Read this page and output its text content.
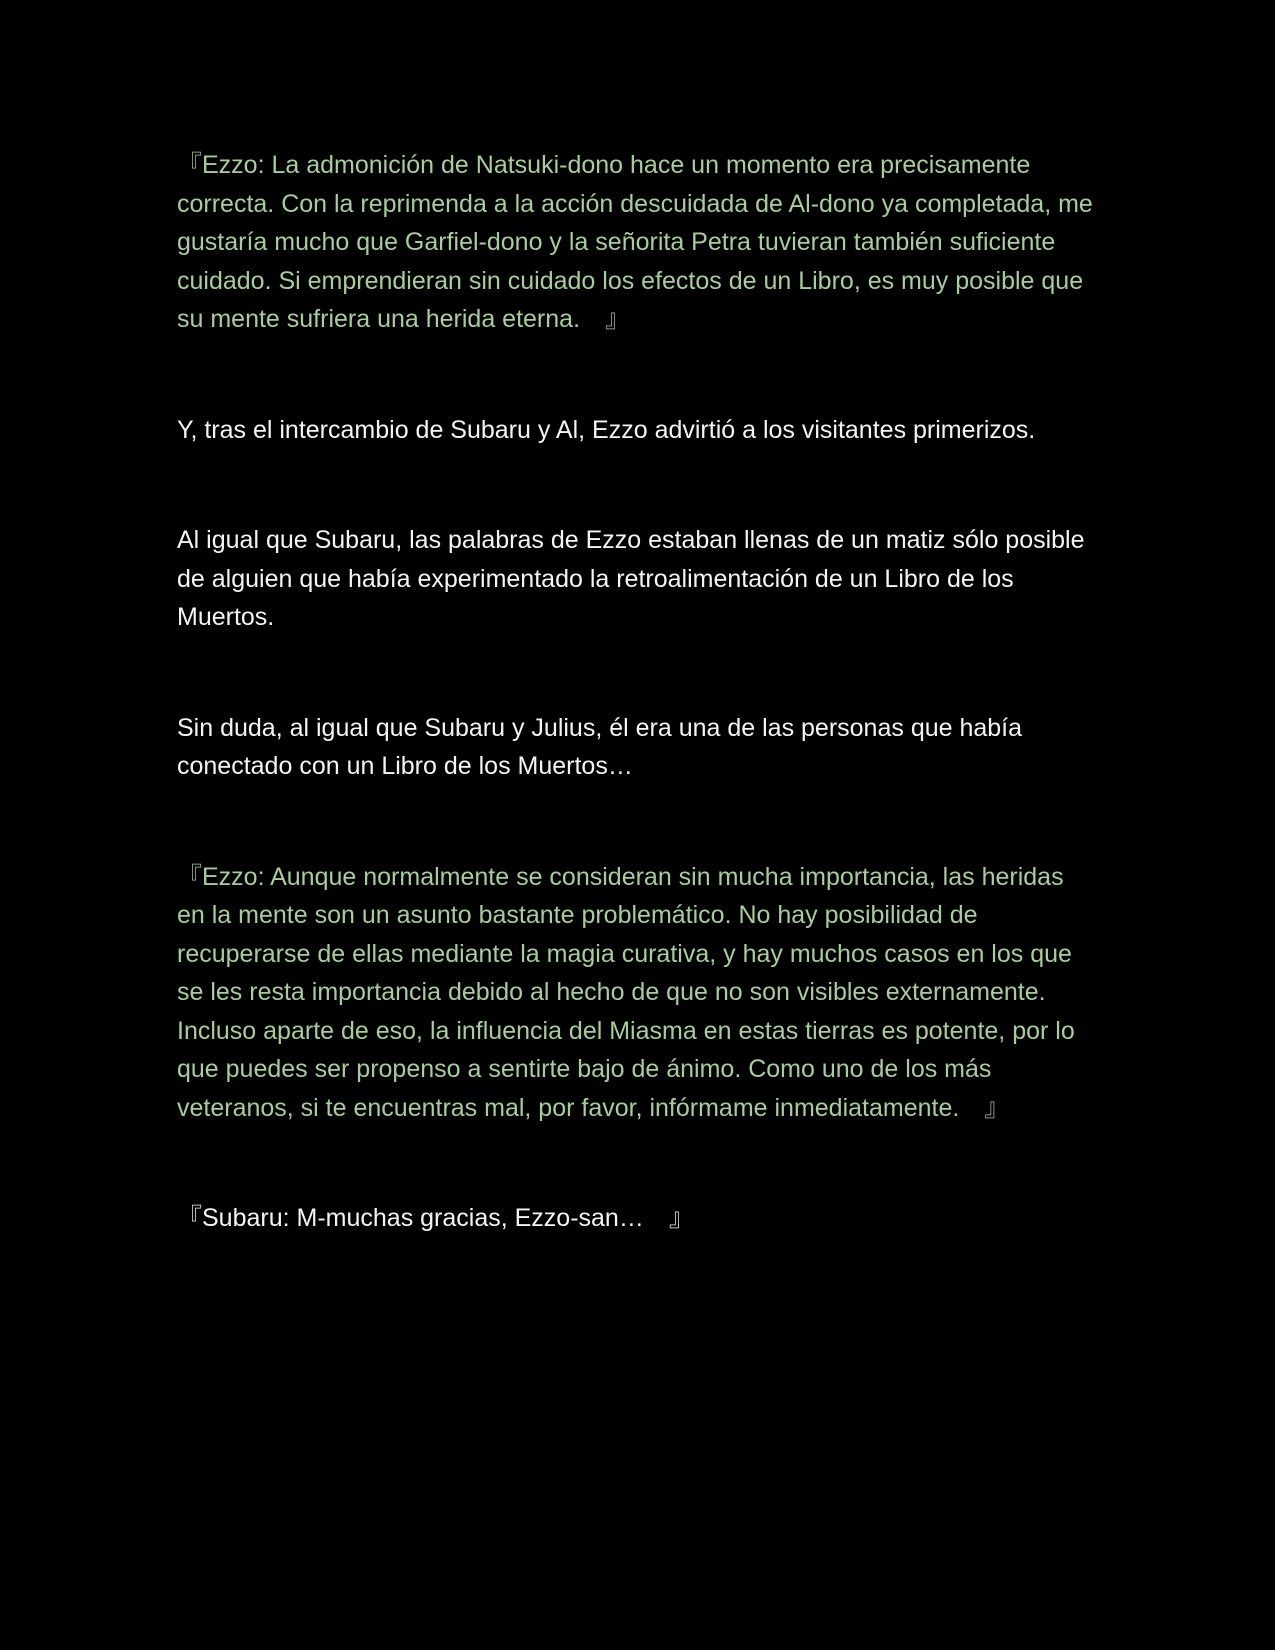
『Ezzo: La admonición de Natsuki-dono hace un momento era precisamente correcta. Con la reprimenda a la acción descuidada de Al-dono ya completada, me gustaría mucho que Garfiel-dono y la señorita Petra tuvieran también suficiente cuidado. Si emprendieran sin cuidado los efectos de un Libro, es muy posible que su mente sufriera una herida eterna.　』

Y, tras el intercambio de Subaru y Al, Ezzo advirtió a los visitantes primerizos.

Al igual que Subaru, las palabras de Ezzo estaban llenas de un matiz sólo posible de alguien que había experimentado la retroalimentación de un Libro de los Muertos.

Sin duda, al igual que Subaru y Julius, él era una de las personas que había conectado con un Libro de los Muertos…

『Ezzo: Aunque normalmente se consideran sin mucha importancia, las heridas en la mente son un asunto bastante problemático. No hay posibilidad de recuperarse de ellas mediante la magia curativa, y hay muchos casos en los que se les resta importancia debido al hecho de que no son visibles externamente. Incluso aparte de eso, la influencia del Miasma en estas tierras es potente, por lo que puedes ser propenso a sentirte bajo de ánimo. Como uno de los más veteranos, si te encuentras mal, por favor, infórmame inmediatamente.　』

『Subaru: M-muchas gracias, Ezzo-san…　』
